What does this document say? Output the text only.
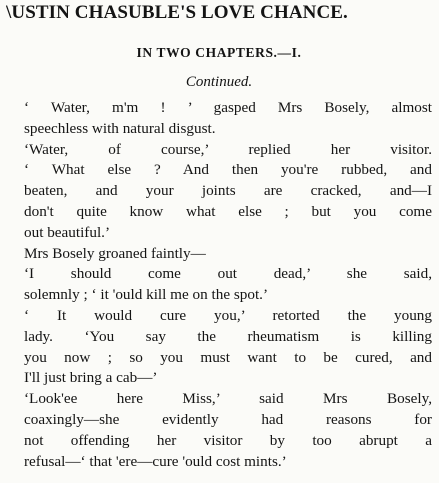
\USTIN CHASUBLE'S LOVE CHANCE.
IN TWO CHAPTERS.—I.
Continued.

‘ Water, m'm ! ’ gasped Mrs Bosely, almost
speechless with natural disgust.

‘Water, of course,’ replied her visitor.
‘ What else ? And then you're rubbed, and
beaten, and your joints are cracked, and—I
don't quite know what else ; but you come
out beautiful.’

Mrs Bosely groaned faintly—

‘I should come out dead,’ she said,
solemnly ; ‘ it 'ould kill me on the spot.’

‘ It would cure you,’ retorted the young
lady. ‘You say the rheumatism is killing
you now ; so you must want to be cured, and
I'll just bring a cab—’

‘Look'ee here Miss,’ said Mrs Bosely,
coaxingly—she evidently had reasons for
not offending her visitor by too abrupt a
refusal—‘ that 'ere—cure 'ould cost mints.’
